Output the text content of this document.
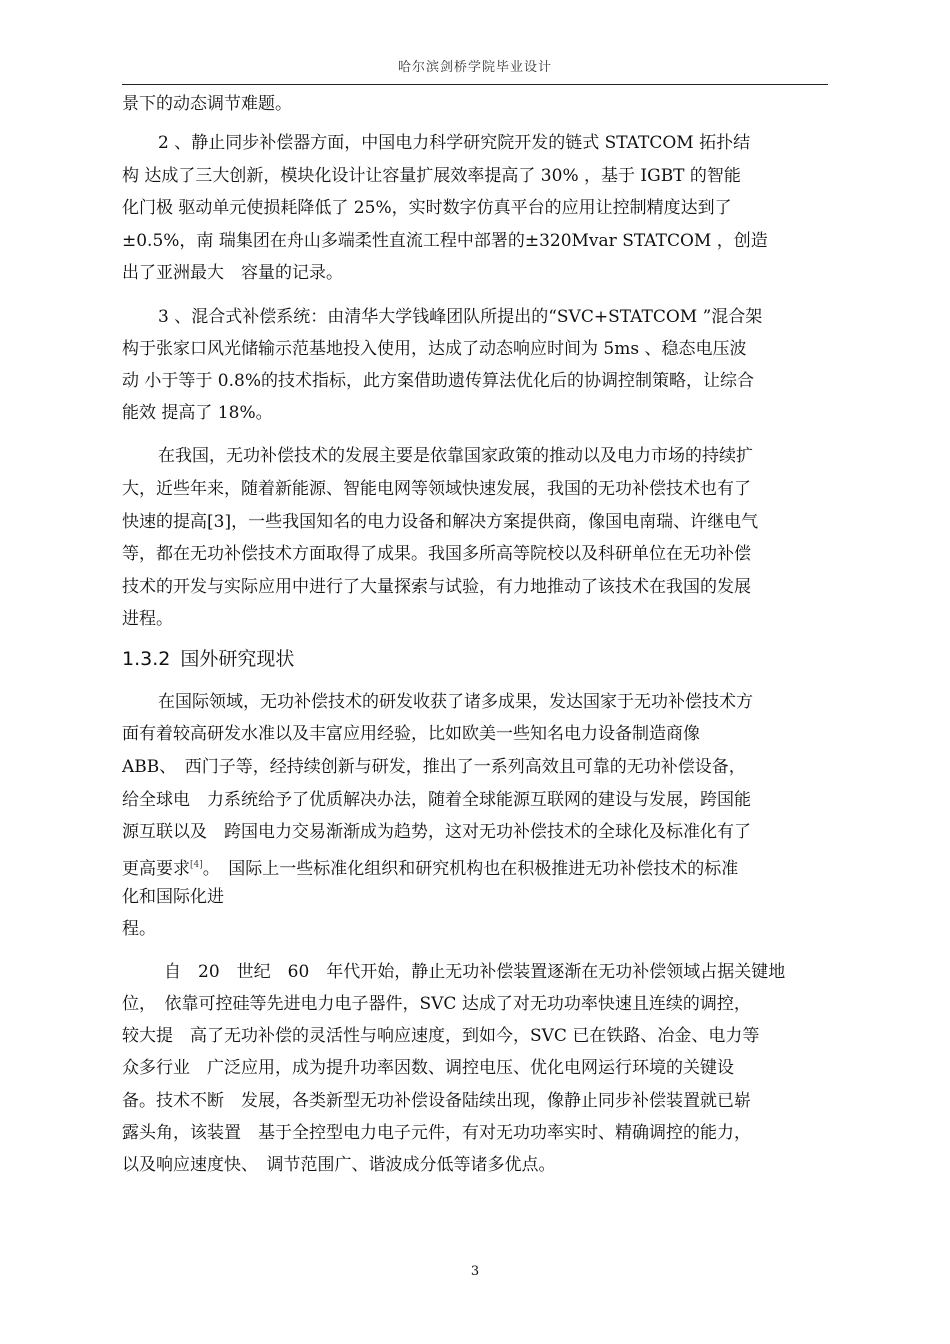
哈尔滨剑桥学院毕业设计
景下的动态调节难题。
2 、静止同步补偿器方面，中国电力科学研究院开发的链式 STATCOM 拓扑结
构 达成了三大创新，模块化设计让容量扩展效率提高了 30% ，基于 IGBT 的智能
化门极 驱动单元使损耗降低了 25%，实时数字仿真平台的应用让控制精度达到了
±0.5%，南 瑞集团在舟山多端柔性直流工程中部署的±320Mvar STATCOM ，创造
出了亚洲最大　容量的记录。
3 、混合式补偿系统：由清华大学钱峰团队所提出的“SVC+STATCOM ”混合架
构于张家口风光储输示范基地投入使用，达成了动态响应时间为 5ms 、稳态电压波
动 小于等于 0.8%的技术指标，此方案借助遗传算法优化后的协调控制策略，让综合
能效 提高了 18%。
在我国，无功补偿技术的发展主要是依靠国家政策的推动以及电力市场的持续扩
大，近些年来，随着新能源、智能电网等领域快速发展，我国的无功补偿技术也有了
快速的提高[3]，一些我国知名的电力设备和解决方案提供商，像国电南瑞、许继电气
等，都在无功补偿技术方面取得了成果。我国多所高等院校以及科研单位在无功补偿
技术的开发与实际应用中进行了大量探索与试验，有力地推动了该技术在我国的发展
进程。
1.3.2 国外研究现状
在国际领域，无功补偿技术的研发收获了诸多成果，发达国家于无功补偿技术方
面有着较高研发水准以及丰富应用经验，比如欧美一些知名电力设备制造商像
ABB、　西门子等，经持续创新与研发，推出了一系列高效且可靠的无功补偿设备，
给全球电　力系统给予了优质解决办法，随着全球能源互联网的建设与发展，跨国能
源互联以及　跨国电力交易渐渐成为趋势，这对无功补偿技术的全球化及标准化有了
更高要求[4]。　国际上一些标准化组织和研究机构也在积极推进无功补偿技术的标准
化和国际化进
程。
自　20　世纪　60　年代开始，静止无功补偿装置逐渐在无功补偿领域占据关键地
位，　依靠可控硅等先进电力电子器件，SVC 达成了对无功功率快速且连续的调控，
较大提　高了无功补偿的灵活性与响应速度，到如今，SVC 已在铁路、冶金、电力等
众多行业　广泛应用，成为提升功率因数、调控电压、优化电网运行环境的关键设
备。技术不断　发展，各类新型无功补偿设备陆续出现，像静止同步补偿装置就已崭
露头角，该装置　基于全控型电力电子元件，有对无功功率实时、精确调控的能力，
以及响应速度快、　调节范围广、谐波成分低等诸多优点。
3
